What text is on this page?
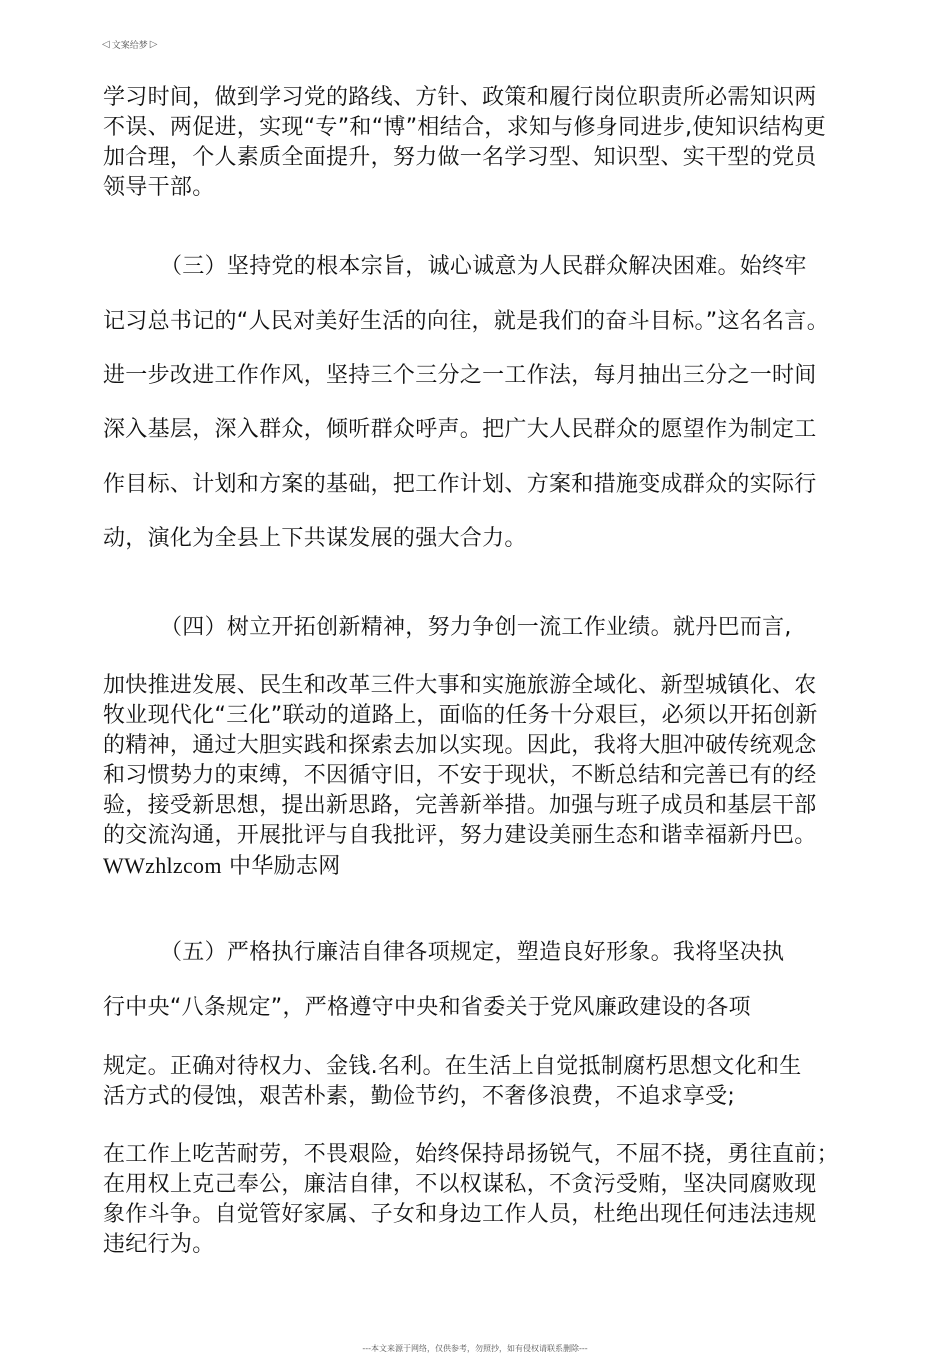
◁ 文案给梦 ▷
学习时间，做到学习党的路线、方针、政策和履行岗位职责所必需知识两
不误、两促进，实现“专”和“博”相结合，求知与修身同进步,使知识结构更
加合理，个人素质全面提升，努力做一名学习型、知识型、实干型的党员
领导干部。
（三）坚持党的根本宗旨，诚心诚意为人民群众解决困难。始终牢
记习总书记的“人民对美好生活的向往，就是我们的奋斗目标。”这名名言。
进一步改进工作作风，坚持三个三分之一工作法，每月抽出三分之一时间
深入基层，深入群众，倾听群众呼声。把广大人民群众的愿望作为制定工
作目标、计划和方案的基础，把工作计划、方案和措施变成群众的实际行
动，演化为全县上下共谋发展的强大合力。
（四）树立开拓创新精神，努力争创一流工作业绩。就丹巴而言,
加快推进发展、民生和改革三件大事和实施旅游全域化、新型城镇化、农
牧业现代化“三化”联动的道路上，面临的任务十分艰巨，必须以开拓创新
的精神，通过大胆实践和探索去加以实现。因此，我将大胆冲破传统观念
和习惯势力的束缚，不因循守旧，不安于现状，不断总结和完善已有的经
验，接受新思想，提出新思路，完善新举措。加强与班子成员和基层干部
的交流沟通，开展批评与自我批评，努力建设美丽生态和谐幸福新丹巴。
WWzhlzcom 中华励志网
（五）严格执行廉洁自律各项规定，塑造良好形象。我将坚决执
行中央“八条规定”，严格遵守中央和省委关于党风廉政建设的各项
规定。正确对待权力、金钱.名利。在生活上自觉抵制腐朽思想文化和生
活方式的侵蚀，艰苦朴素，勤俭节约，不奢侈浪费，不追求享受;
在工作上吃苦耐劳，不畏艰险，始终保持昂扬锐气，不屈不挠，勇往直前；
在用权上克己奉公，廉洁自律，不以权谋私，不贪污受贿，坚决同腐败现
象作斗争。自觉管好家属、子女和身边工作人员，杜绝出现任何违法违规
违纪行为。
---本文来源于网络，仅供参考，勿照抄，如有侵权请联系删除---
